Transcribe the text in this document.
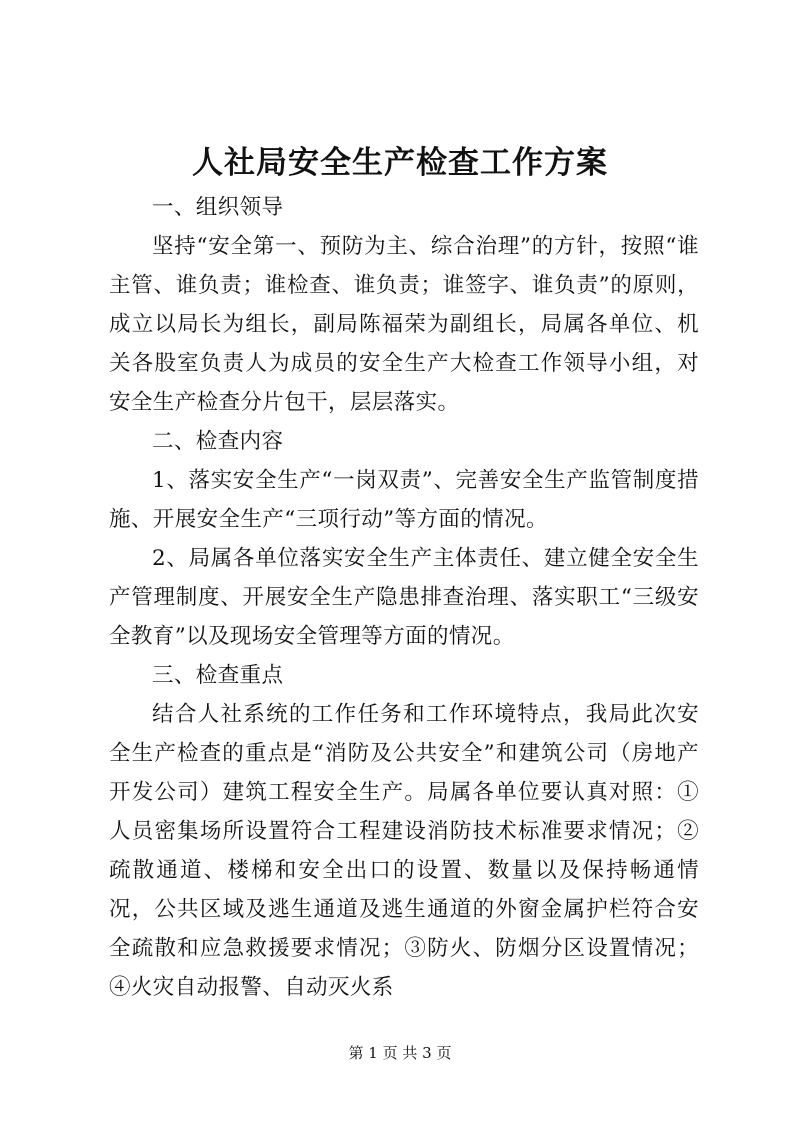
人社局安全生产检查工作方案

一、组织领导

坚持“安全第一、预防为主、综合治理”的方针，按照“谁主管、谁负责；谁检查、谁负责；谁签字、谁负责”的原则，成立以局长为组长，副局陈福荣为副组长，局属各单位、机关各股室负责人为成员的安全生产大检查工作领导小组，对安全生产检查分片包干，层层落实。

二、检查内容

1、落实安全生产“一岗双责”、完善安全生产监管制度措施、开展安全生产“三项行动”等方面的情况。

2、局属各单位落实安全生产主体责任、建立健全安全生产管理制度、开展安全生产隐患排查治理、落实职工“三级安全教育”以及现场安全管理等方面的情况。

三、检查重点

结合人社系统的工作任务和工作环境特点，我局此次安全生产检查的重点是“消防及公共安全”和建筑公司（房地产开发公司）建筑工程安全生产。局属各单位要认真对照：①人员密集场所设置符合工程建设消防技术标准要求情况；②疏散通道、楼梯和安全出口的设置、数量以及保持畅通情况，公共区域及逃生通道及逃生通道的外窗金属护栏符合安全疏散和应急救援要求情况；③防火、防烟分区设置情况；④火灾自动报警、自动灭火系

第 1 页 共 3 页
